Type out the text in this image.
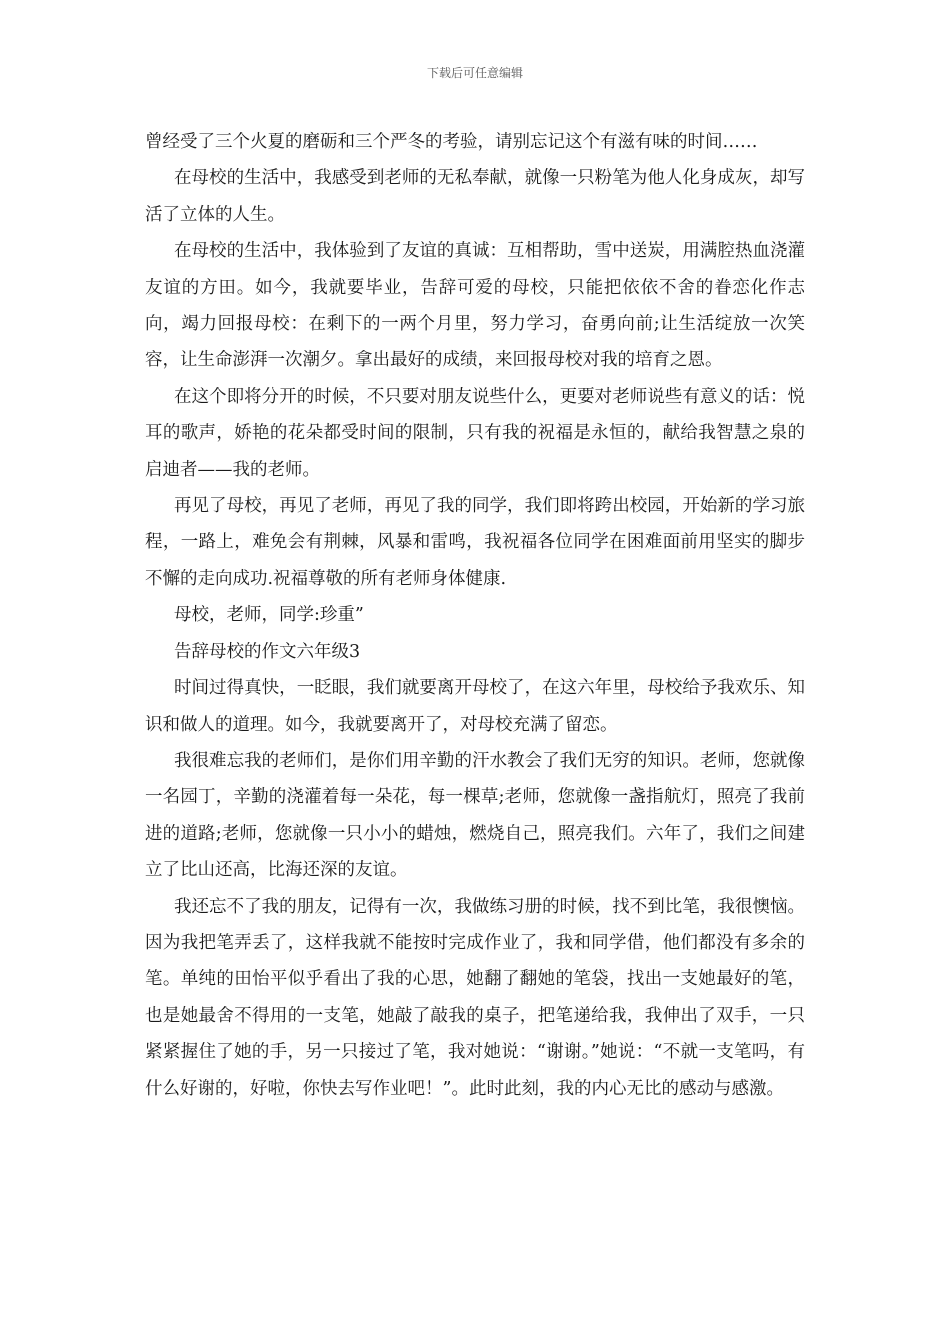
下载后可任意编辑

曾经受了三个火夏的磨砺和三个严冬的考验，请别忘记这个有滋有味的时间……

在母校的生活中，我感受到老师的无私奉献，就像一只粉笔为他人化身成灰，却写活了立体的人生。

在母校的生活中，我体验到了友谊的真诚：互相帮助，雪中送炭，用满腔热血浇灌友谊的方田。如今，我就要毕业，告辞可爱的母校，只能把依依不舍的眷恋化作志向，竭力回报母校：在剩下的一两个月里，努力学习，奋勇向前;让生活绽放一次笑容，让生命澎湃一次潮夕。拿出最好的成绩，来回报母校对我的培育之恩。

在这个即将分开的时候，不只要对朋友说些什么，更要对老师说些有意义的话：悦耳的歌声，娇艳的花朵都受时间的限制，只有我的祝福是永恒的，献给我智慧之泉的启迪者——我的老师。

再见了母校，再见了老师，再见了我的同学，我们即将跨出校园，开始新的学习旅程，一路上，难免会有荆棘，风暴和雷鸣，我祝福各位同学在困难面前用坚实的脚步不懈的走向成功.祝福尊敬的所有老师身体健康.

母校，老师，同学:珍重”

告辞母校的作文六年级3

时间过得真快，一眨眼，我们就要离开母校了，在这六年里，母校给予我欢乐、知识和做人的道理。如今，我就要离开了，对母校充满了留恋。

我很难忘我的老师们，是你们用辛勤的汗水教会了我们无穷的知识。老师，您就像一名园丁，辛勤的浇灌着每一朵花，每一棵草;老师，您就像一盏指航灯，照亮了我前进的道路;老师，您就像一只小小的蜡烛，燃烧自己，照亮我们。六年了，我们之间建立了比山还高，比海还深的友谊。

我还忘不了我的朋友，记得有一次，我做练习册的时候，找不到比笔，我很懊恼。因为我把笔弄丢了，这样我就不能按时完成作业了，我和同学借，他们都没有多余的笔。单纯的田怡平似乎看出了我的心思，她翻了翻她的笔袋，找出一支她最好的笔，也是她最舍不得用的一支笔，她敲了敲我的桌子，把笔递给我，我伸出了双手，一只紧紧握住了她的手，另一只接过了笔，我对她说：“谢谢。”她说：“不就一支笔吗，有什么好谢的，好啦，你快去写作业吧！”。此时此刻，我的内心无比的感动与感激。
